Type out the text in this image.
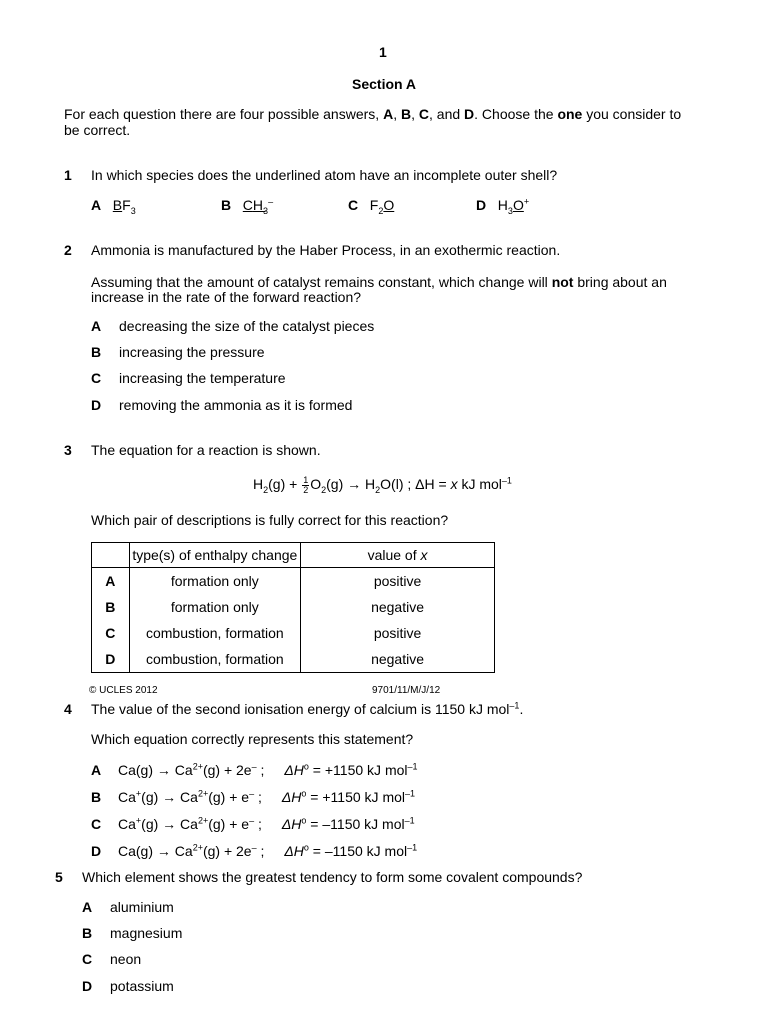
1
Section A
For each question there are four possible answers, A, B, C, and D. Choose the one you consider to
be correct.
1 In which species does the underlined atom have an incomplete outer shell?
A $BF_3$	B $CH_3^-$	C $F_2O$	D $H_3O^+$
2 Ammonia is manufactured by the Haber Process, in an exothermic reaction.
Assuming that the amount of catalyst remains constant, which change will not bring about an
increase in the rate of the forward reaction?
A decreasing the size of the catalyst pieces
B increasing the pressure
C increasing the temperature
D removing the ammonia as it is formed
3 The equation for a reaction is shown.
$H_2(g) + \frac{1}{2} O_2(g) \to H_2O(l)$ ; ΔH = x kJ mol$^{-1}$
Which pair of descriptions is fully correct for this reaction?
	type(s) of enthalpy change	value of x
A	formation only	positive
B	formation only	negative
C	combustion, formation	positive
D	combustion, formation	negative
© UCLES 2012	9701/11/M/J/12
4 The value of the second ionisation energy of calcium is 1150 kJ mol$^{-1}$.
Which equation correctly represents this statement?
A $Ca(g) \to Ca^{2+}(g) + 2e^-$ ; $\Delta H^o = +1150$ kJ mol$^{-1}$
B $Ca^+(g) \to Ca^{2+}(g) + e^-$ ; $\Delta H^o = +1150$ kJ mol$^{-1}$
C $Ca^+(g) \to Ca^{2+}(g) + e^-$ ; $\Delta H^o = -1150$ kJ mol$^{-1}$
D $Ca(g) \to Ca^{2+}(g) + 2e^-$ ; $\Delta H^o = -1150$ kJ mol$^{-1}$
5 Which element shows the greatest tendency to form some covalent compounds?
A aluminium
B magnesium
C neon
D potassium
